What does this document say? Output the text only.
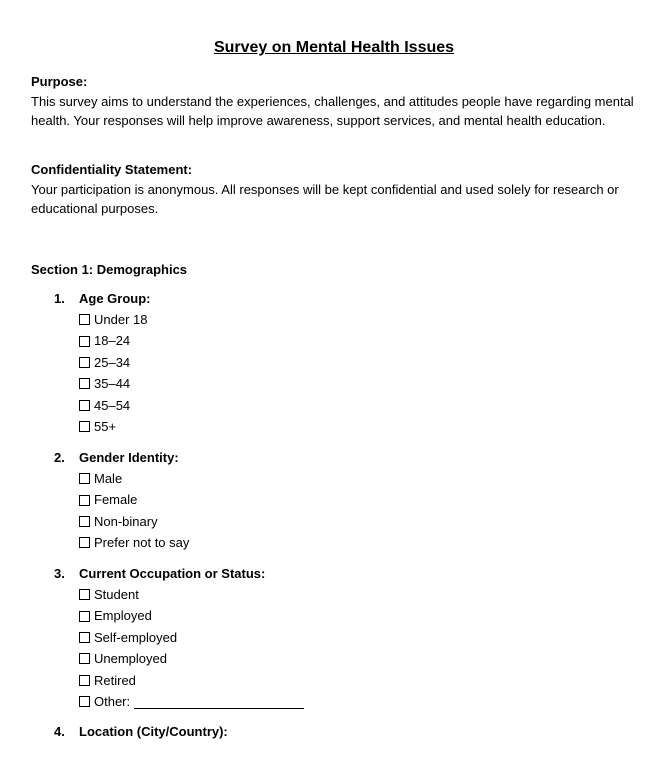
Survey on Mental Health Issues

Purpose:

This survey aims to understand the experiences, challenges, and attitudes people have regarding mental health. Your responses will help improve awareness, support services, and mental health education.

Confidentiality Statement:

Your participation is anonymous. All responses will be kept confidential and used solely for research or educational purposes.

Section 1: Demographics
1. Age Group:
Under 18
18–24
25–34
35–44
45–54
55+
2. Gender Identity:
Male
Female
Non-binary
Prefer not to say
3. Current Occupation or Status:
Student
Employed
Self-employed
Unemployed
Retired
Other:
4. Location (City/Country):
